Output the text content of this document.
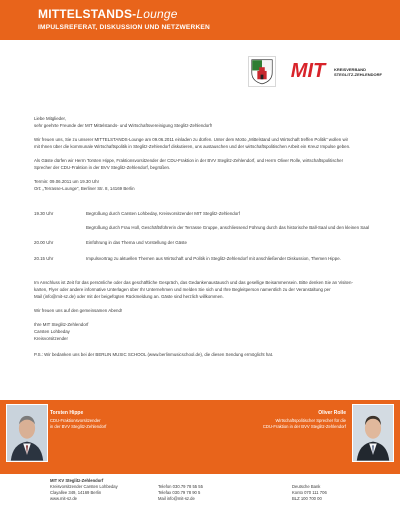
MITTELSTANDS-Lounge
IMPULSREFERAT, DISKUSSION UND NETZWERKEN
MIT	KREISVERBAND
STEGLITZ-ZEHLENDORF
Liebe Mitglieder,
sehr geehrte Freunde der MIT Mittelstands- und Wirtschaftsvereinigung Steglitz-Zehlendorf!
Wir freuen uns, Sie zu unserer MITTELSTANDS-Lounge am 09.06.2011 einladen zu dürfen. Unter dem Motto „Mittelstand und Wirtschaft treffen Politik“ wollen wir
mit Ihnen über die kommunale Wirtschaftspolitik in Steglitz-Zehlendorf diskutieren, uns austauschen und der wirtschaftspolitischen Arbeit ein Kreuz Impulse geben.
Als Gäste dürfen wir Herrn Torsten Hippe, Fraktionsvorsitzender der CDU-Fraktion in der BVV Steglitz-Zehlendorf, und Herrn Oliver Rolle, wirtschaftspolitischer
Sprecher der CDU-Fraktion in der BVV Steglitz-Zehlendorf, begrüßen.
Termin: 09.06.2011 um 19.30 Uhr
Ort: „Terrasse-Lounge“, Berliner Str. 8, 14169 Berlin
19.30 Uhr	Begrüßung durch Carsten Lohbeday, Kreisvorsitzender MIT Steglitz-Zehlendorf
Begrüßung durch Frau Holl, Geschäftsführerin der Terrasse Gruppe, anschliessend Führung durch das historische Ball-Saal und den kleinen Saal
20.00 Uhr	Einführung in das Thema und Vorstellung der Gäste
20.15 Uhr	Impulsvortrag zu aktuellen Themen aus Wirtschaft und Politik in Steglitz-Zehlendorf mit anschließender Diskussion, Themen Hippe.
Im Anschluss ist Zeit für das persönliche oder das geschäftliche Gespräch, das Gedankenaustausch und das gesellige Beisammensein. Bitte denken Sie an Visiten-
karten, Flyer oder andere informative Unterlagen über Ihr Unternehmen und melden Sie sich und Ihre Begleitperson namentlich zu der Veranstaltung per
Mail (info@mit-sz.de) oder mit der beigefügten Rückmeldung an. Gäste sind herzlich willkommen.
Wir freuen uns auf den gemeinsamen Abend!
Ihre MIT Steglitz-Zehlendorf
Carsten Lohbeday
Kreisvorsitzender
P.S.: Wir bedanken uns bei der BERLIN MUSIC SCHOOL (www.berlinmusicschool.de), die diesen Sendung ermöglicht hat.
Torsten Hippe
CDU-Fraktionsvorsitzender
in der BVV Steglitz-Zehlendorf
Oliver Rolle
Wirtschaftspolitischer Sprecher für die
CDU-Fraktion in der BVV Steglitz-Zehlendorf
MIT KV Steglitz-Zehlendorf
Kreisvorsitzender Carsten Lohbeday
Clayallee 349, 14169 Berlin
www.mit-sz.de

Telefon 030.79 78 55 55
Telefax 030.79 78 90 5
Mail info@mit-sz.de

Deutsche Bank
Konto 070 111 706
BLZ 100 700 00
